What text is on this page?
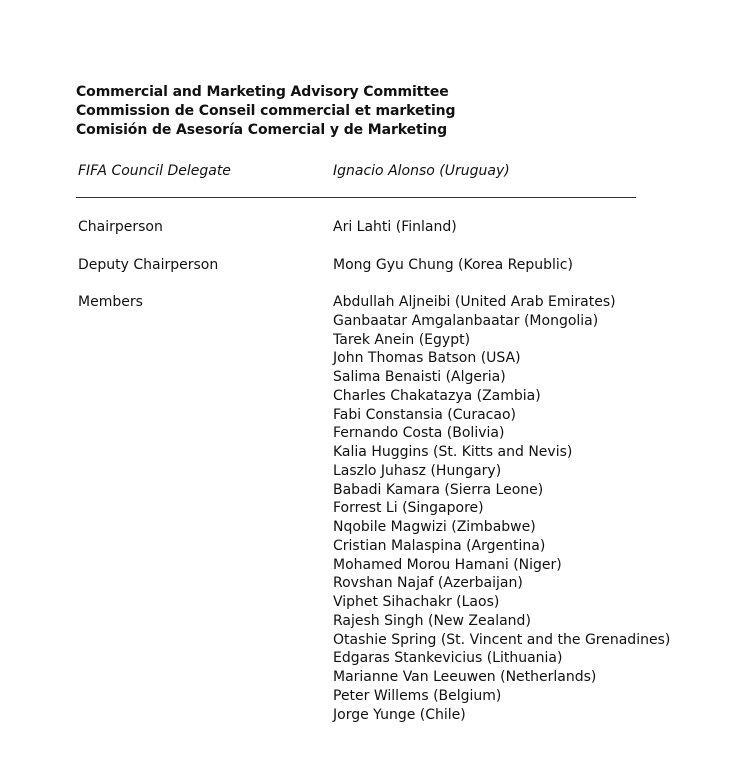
Commercial and Marketing Advisory Committee
Commission de Conseil commercial et marketing
Comisión de Asesoría Comercial y de Marketing
FIFA Council Delegate	Ignacio Alonso (Uruguay)
Chairperson	Ari Lahti (Finland)
Deputy Chairperson	Mong Gyu Chung (Korea Republic)
Members	Abdullah Aljneibi (United Arab Emirates)
Ganbaatar Amgalanbaatar (Mongolia)
Tarek Anein (Egypt)
John Thomas Batson (USA)
Salima Benaisti (Algeria)
Charles Chakatazya (Zambia)
Fabi Constansia (Curacao)
Fernando Costa (Bolivia)
Kalia Huggins (St. Kitts and Nevis)
Laszlo Juhasz (Hungary)
Babadi Kamara (Sierra Leone)
Forrest Li (Singapore)
Nqobile Magwizi (Zimbabwe)
Cristian Malaspina (Argentina)
Mohamed Morou Hamani (Niger)
Rovshan Najaf (Azerbaijan)
Viphet Sihachakr (Laos)
Rajesh Singh (New Zealand)
Otashie Spring (St. Vincent and the Grenadines)
Edgaras Stankevicius (Lithuania)
Marianne Van Leeuwen (Netherlands)
Peter Willems (Belgium)
Jorge Yunge (Chile)
